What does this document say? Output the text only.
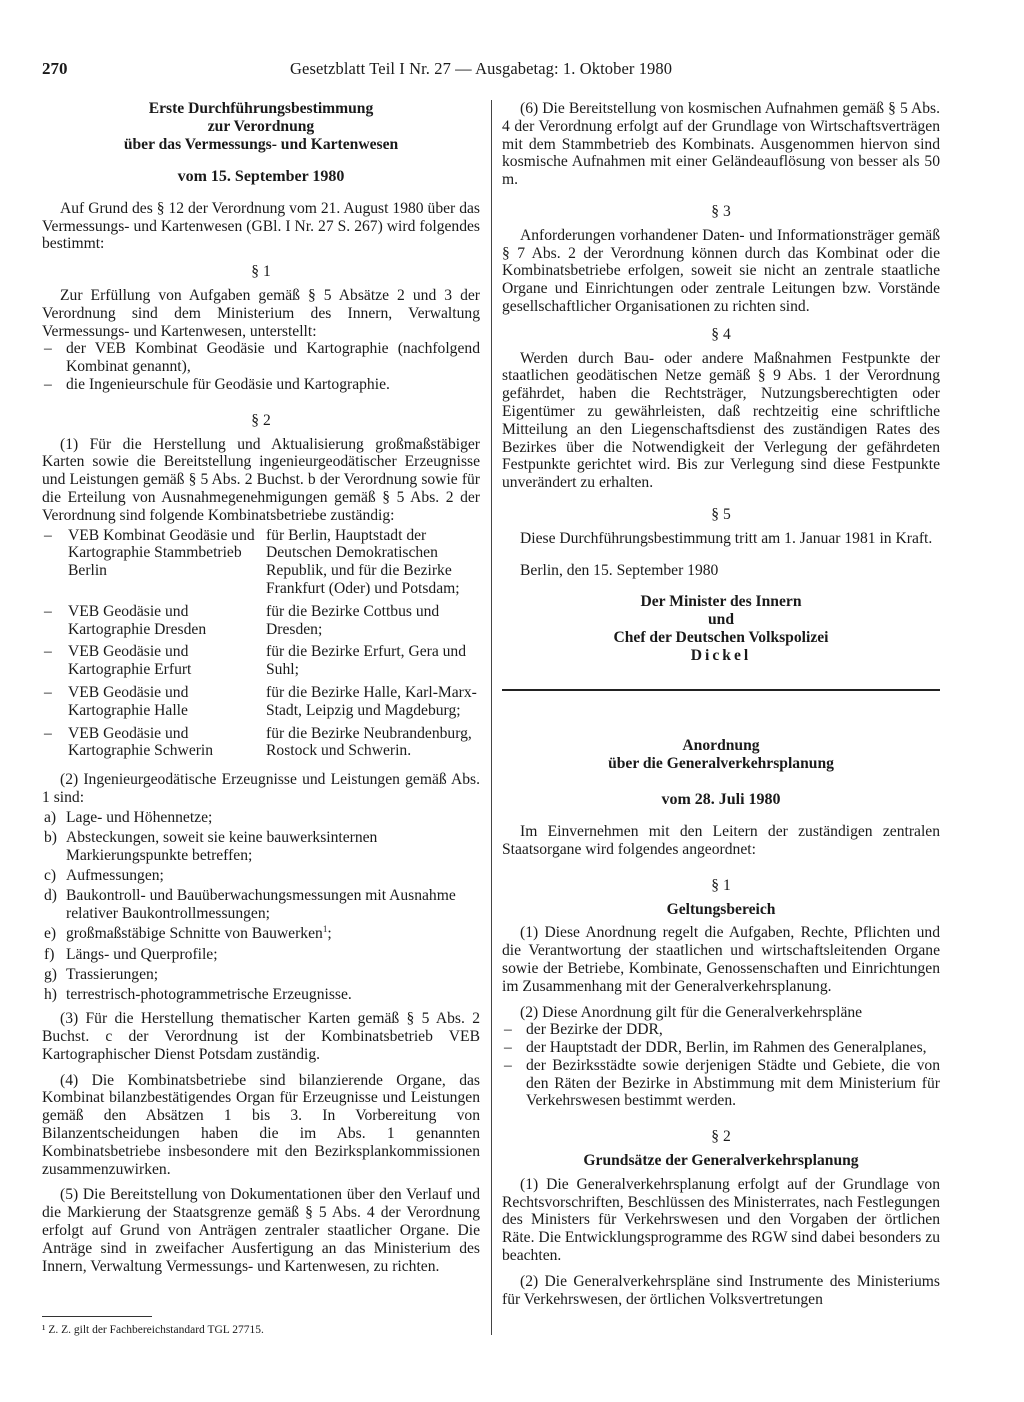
270	Gesetzblatt Teil I Nr. 27 — Ausgabetag: 1. Oktober 1980
Erste Durchführungsbestimmung
zur Verordnung
über das Vermessungs- und Kartenwesen
vom 15. September 1980

Auf Grund des § 12 der Verordnung vom 21. August 1980 über das Vermessungs- und Kartenwesen (GBl. I Nr. 27 S. 267) wird folgendes bestimmt:

§ 1

Zur Erfüllung von Aufgaben gemäß § 5 Absätze 2 und 3 der Verordnung sind dem Ministerium des Innern, Verwaltung Vermessungs- und Kartenwesen, unterstellt:

– der VEB Kombinat Geodäsie und Kartographie (nachfolgend Kombinat genannt),
– die Ingenieurschule für Geodäsie und Kartographie.
§ 2

(1) Für die Herstellung und Aktualisierung großmaßstäbiger Karten sowie die Bereitstellung ingenieurgeodätischer Erzeugnisse und Leistungen gemäß § 5 Abs. 2 Buchst. b der Verordnung sowie für die Erteilung von Ausnahmegenehmigungen gemäß § 5 Abs. 2 der Verordnung sind folgende Kombinatsbetriebe zuständig:

–	VEB Kombinat Geodäsie und Kartographie Stammbetrieb Berlin	für Berlin, Hauptstadt der Deutschen Demokratischen Republik, und für die Bezirke Frankfurt (Oder) und Potsdam;
–	VEB Geodäsie und Kartographie Dresden	für die Bezirke Cottbus und Dresden;
–	VEB Geodäsie und Kartographie Erfurt	für die Bezirke Erfurt, Gera und Suhl;
–	VEB Geodäsie und Kartographie Halle	für die Bezirke Halle, Karl-Marx-Stadt, Leipzig und Magdeburg;
–	VEB Geodäsie und Kartographie Schwerin	für die Bezirke Neubrandenburg, Rostock und Schwerin.

(2) Ingenieurgeodätische Erzeugnisse und Leistungen gemäß Abs. 1 sind:

a) Lage- und Höhennetze;
b) Absteckungen, soweit sie keine bauwerksinternen Markierungspunkte betreffen;
c) Aufmessungen;
d) Baukontroll- und Bauüberwachungsmessungen mit Ausnahme relativer Baukontrollmessungen;
e) großmaßstäbige Schnitte von Bauwerken$^1$;
f) Längs- und Querprofile;
g) Trassierungen;
h) terrestrisch-photogrammetrische Erzeugnisse.

(3) Für die Herstellung thematischer Karten gemäß § 5 Abs. 2 Buchst. c der Verordnung ist der Kombinatsbetrieb VEB Kartographischer Dienst Potsdam zuständig.

(4) Die Kombinatsbetriebe sind bilanzierende Organe, das Kombinat bilanzbestätigendes Organ für Erzeugnisse und Leistungen gemäß den Absätzen 1 bis 3. In Vorbereitung von Bilanzentscheidungen haben die im Abs. 1 genannten Kombinatsbetriebe insbesondere mit den Bezirksplankommissionen zusammenzuwirken.

(5) Die Bereitstellung von Dokumentationen über den Verlauf und die Markierung der Staatsgrenze gemäß § 5 Abs. 4 der Verordnung erfolgt auf Grund von Anträgen zentraler staatlicher Organe. Die Anträge sind in zweifacher Ausfertigung an das Ministerium des Innern, Verwaltung Vermessungs- und Kartenwesen, zu richten.

¹ Z. Z. gilt der Fachbereichstandard TGL 27715.

(6) Die Bereitstellung von kosmischen Aufnahmen gemäß § 5 Abs. 4 der Verordnung erfolgt auf der Grundlage von Wirtschaftsverträgen mit dem Stammbetrieb des Kombinats. Ausgenommen hiervon sind kosmische Aufnahmen mit einer Geländeauflösung von besser als 50 m.

§ 3

Anforderungen vorhandener Daten- und Informationsträger gemäß § 7 Abs. 2 der Verordnung können durch das Kombinat oder die Kombinatsbetriebe erfolgen, soweit sie nicht an zentrale staatliche Organe und Einrichtungen oder zentrale Leitungen bzw. Vorstände gesellschaftlicher Organisationen zu richten sind.

§ 4

Werden durch Bau- oder andere Maßnahmen Festpunkte der staatlichen geodätischen Netze gemäß § 9 Abs. 1 der Verordnung gefährdet, haben die Rechtsträger, Nutzungsberechtigten oder Eigentümer zu gewährleisten, daß rechtzeitig eine schriftliche Mitteilung an den Liegenschaftsdienst des zuständigen Rates des Bezirkes über die Notwendigkeit der Verlegung der gefährdeten Festpunkte gerichtet wird. Bis zur Verlegung sind diese Festpunkte unverändert zu erhalten.

§ 5

Diese Durchführungsbestimmung tritt am 1. Januar 1981 in Kraft.

Berlin, den 15. September 1980

Der Minister des Innern
und
Chef der Deutschen Volkspolizei
Dickel
Anordnung
über die Generalverkehrsplanung
vom 28. Juli 1980

Im Einvernehmen mit den Leitern der zuständigen zentralen Staatsorgane wird folgendes angeordnet:

§ 1
Geltungsbereich

(1) Diese Anordnung regelt die Aufgaben, Rechte, Pflichten und die Verantwortung der staatlichen und wirtschaftsleitenden Organe sowie der Betriebe, Kombinate, Genossenschaften und Einrichtungen im Zusammenhang mit der Generalverkehrsplanung.

(2) Diese Anordnung gilt für die Generalverkehrspläne

– der Bezirke der DDR,
– der Hauptstadt der DDR, Berlin, im Rahmen des Generalplanes,
– der Bezirksstädte sowie derjenigen Städte und Gebiete, die von den Räten der Bezirke in Abstimmung mit dem Ministerium für Verkehrswesen bestimmt werden.
§ 2
Grundsätze der Generalverkehrsplanung

(1) Die Generalverkehrsplanung erfolgt auf der Grundlage von Rechtsvorschriften, Beschlüssen des Ministerrates, nach Festlegungen des Ministers für Verkehrswesen und den Vorgaben der örtlichen Räte. Die Entwicklungsprogramme des RGW sind dabei besonders zu beachten.

(2) Die Generalverkehrspläne sind Instrumente des Ministeriums für Verkehrswesen, der örtlichen Volksvertretungen
